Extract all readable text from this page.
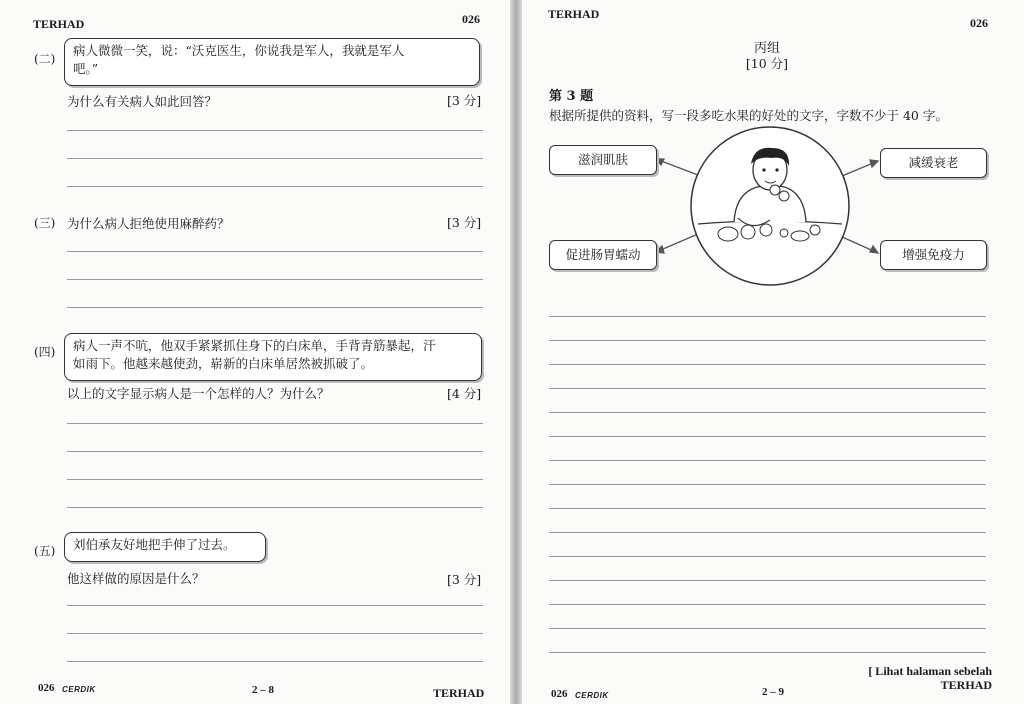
TERHAD	026
(二)
病人微微一笑，说：“沃克医生，你说我是军人，我就是军人
吧。”
为什么有关病人如此回答？	[3 分]
(三) 为什么病人拒绝使用麻醉药？	[3 分]
(四) 病人一声不吭，他双手紧紧抓住身下的白床单，手背青筋暴起，汗
如雨下。他越来越使劲，崭新的白床单居然被抓破了。
以上的文字显示病人是一个怎样的人？为什么？	[4 分]
(五)	刘伯承友好地把手伸了过去。
他这样做的原因是什么？	[3 分]
026 CERDIK	2 – 8	TERHAD
TERHAD
026
丙组
[10 分]
第 3 题
根据所提供的资料，写一段多吃水果的好处的文字，字数不少于 40 字。
滋润肌肤	减缓衰老
促进肠胃蠕动	增强免疫力
[ Lihat halaman sebelah
TERHAD
026 CERDIK	2 – 9
